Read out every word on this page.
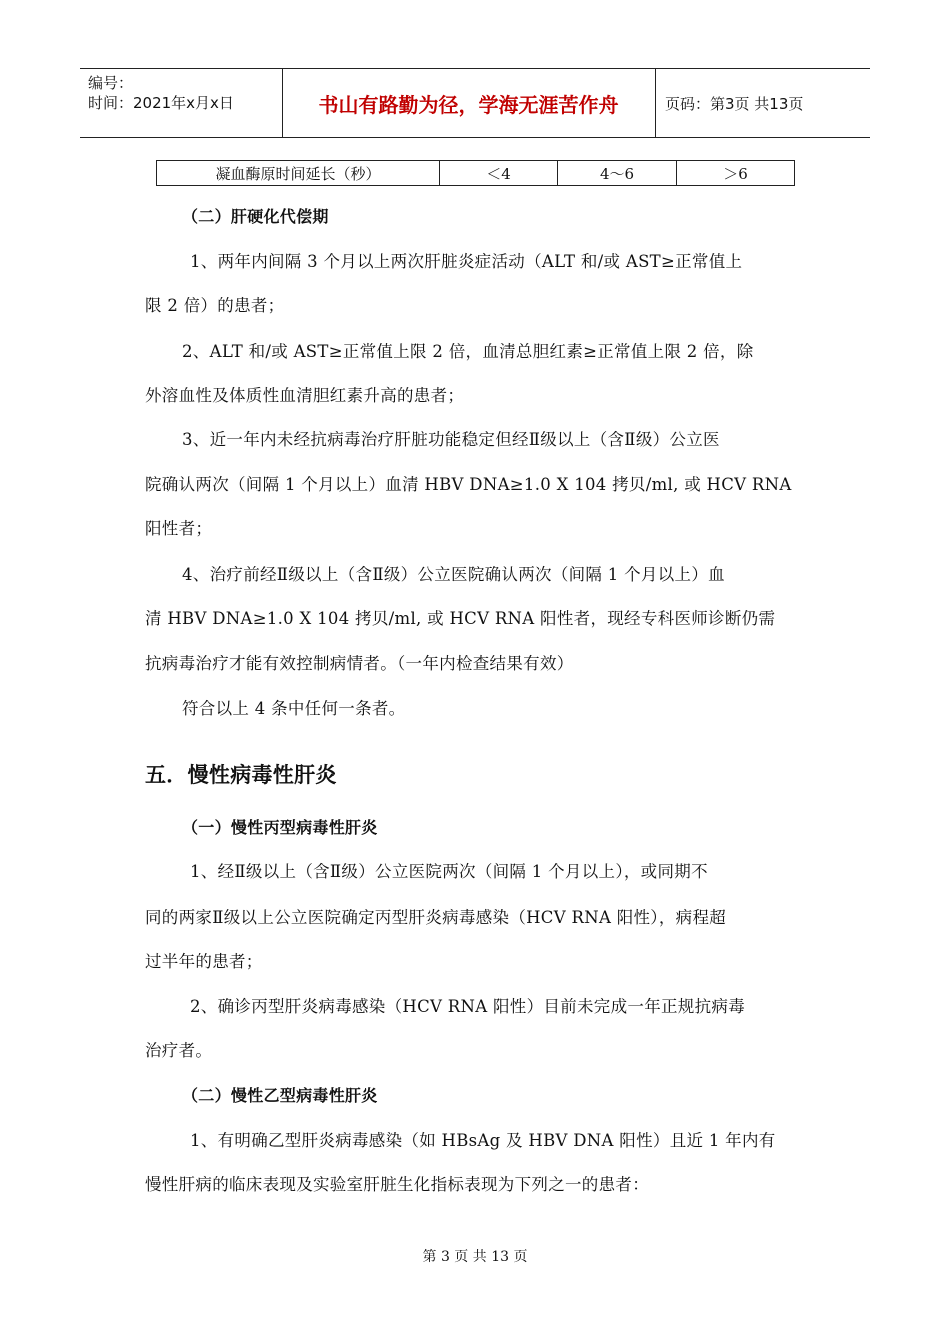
编号：
时间：2021年x月x日	书山有路勤为径，学海无涯苦作舟	页码：第3页 共13页
凝血酶原时间延长（秒）	＜4	4～6	＞6
（二）肝硬化代偿期
1、两年内间隔 3 个月以上两次肝脏炎症活动（ALT 和/或 AST≥正常值上
限 2 倍）的患者；
2、ALT 和/或 AST≥正常值上限 2 倍，血清总胆红素≥正常值上限 2 倍，除
外溶血性及体质性血清胆红素升高的患者；
3、近一年内未经抗病毒治疗肝脏功能稳定但经Ⅱ级以上（含Ⅱ级）公立医
院确认两次（间隔 1 个月以上）血清 HBV DNA≥1.0 X 104 拷贝/ml, 或 HCV RNA
阳性者；
4、治疗前经Ⅱ级以上（含Ⅱ级）公立医院确认两次（间隔 1 个月以上）血
清 HBV DNA≥1.0 X 104 拷贝/ml, 或 HCV RNA 阳性者，现经专科医师诊断仍需
抗病毒治疗才能有效控制病情者。（一年内检查结果有效）
符合以上 4 条中任何一条者。
五．慢性病毒性肝炎
（一）慢性丙型病毒性肝炎
1、经Ⅱ级以上（含Ⅱ级）公立医院两次（间隔 1 个月以上），或同期不
同的两家Ⅱ级以上公立医院确定丙型肝炎病毒感染（HCV RNA 阳性），病程超
过半年的患者；
2、确诊丙型肝炎病毒感染（HCV RNA 阳性）目前未完成一年正规抗病毒
治疗者。
（二）慢性乙型病毒性肝炎
1、有明确乙型肝炎病毒感染（如 HBsAg 及 HBV DNA 阳性）且近 1 年内有
慢性肝病的临床表现及实验室肝脏生化指标表现为下列之一的患者：
第 3 页 共 13 页
